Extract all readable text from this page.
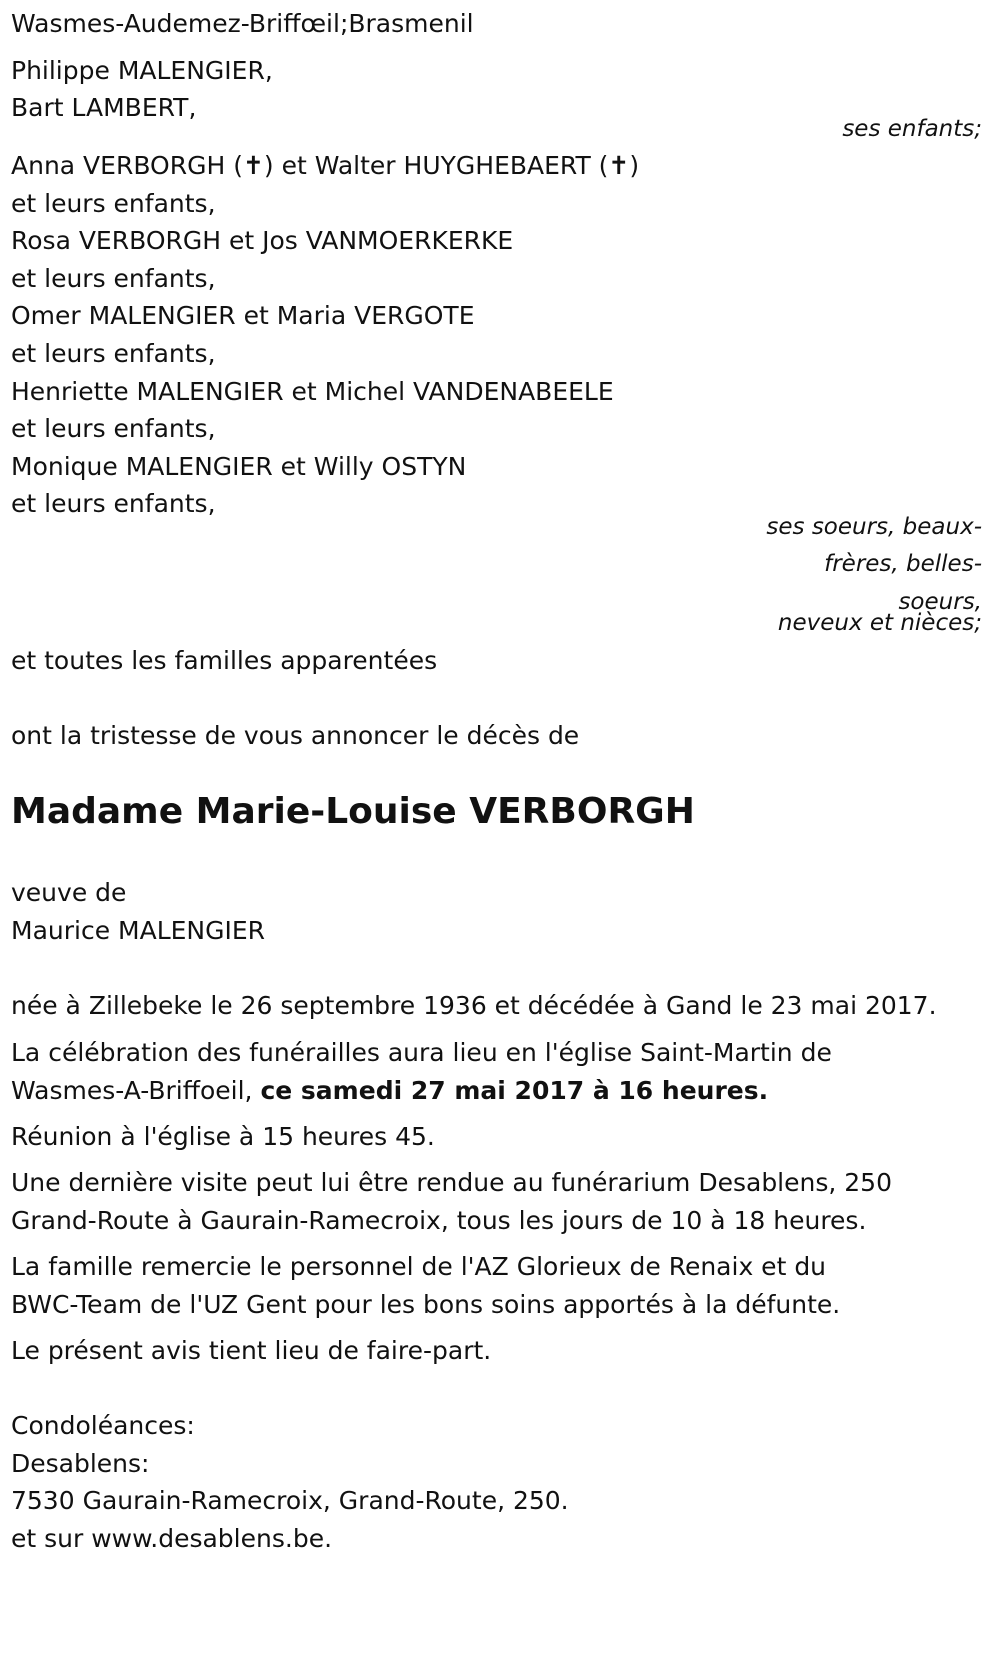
Wasmes-Audemez-Briffœil;Brasmenil
Philippe MALENGIER,
Bart LAMBERT,
ses enfants;
Anna VERBORGH (✝) et Walter HUYGHEBAERT (✝)
et leurs enfants,
Rosa VERBORGH et Jos VANMOERKERKE
et leurs enfants,
Omer MALENGIER et Maria VERGOTE
et leurs enfants,
Henriette MALENGIER et Michel VANDENABEELE
et leurs enfants,
Monique MALENGIER et Willy OSTYN
et leurs enfants,
ses soeurs, beaux-
frères, belles-
soeurs,
neveux et nièces;
et toutes les familles apparentées
ont la tristesse de vous annoncer le décès de
Madame Marie-Louise VERBORGH
veuve de
Maurice MALENGIER
née à Zillebeke le 26 septembre 1936 et décédée à Gand le 23 mai 2017.
La célébration des funérailles aura lieu en l'église Saint-Martin de
Wasmes-A-Briffoeil, ce samedi 27 mai 2017 à 16 heures.
Réunion à l'église à 15 heures 45.
Une dernière visite peut lui être rendue au funérarium Desablens, 250
Grand-Route à Gaurain-Ramecroix, tous les jours de 10 à 18 heures.
La famille remercie le personnel de l'AZ Glorieux de Renaix et du
BWC-Team de l'UZ Gent pour les bons soins apportés à la défunte.
Le présent avis tient lieu de faire-part.
Condoléances:
Desablens:
7530 Gaurain-Ramecroix, Grand-Route, 250.
et sur www.desablens.be.
